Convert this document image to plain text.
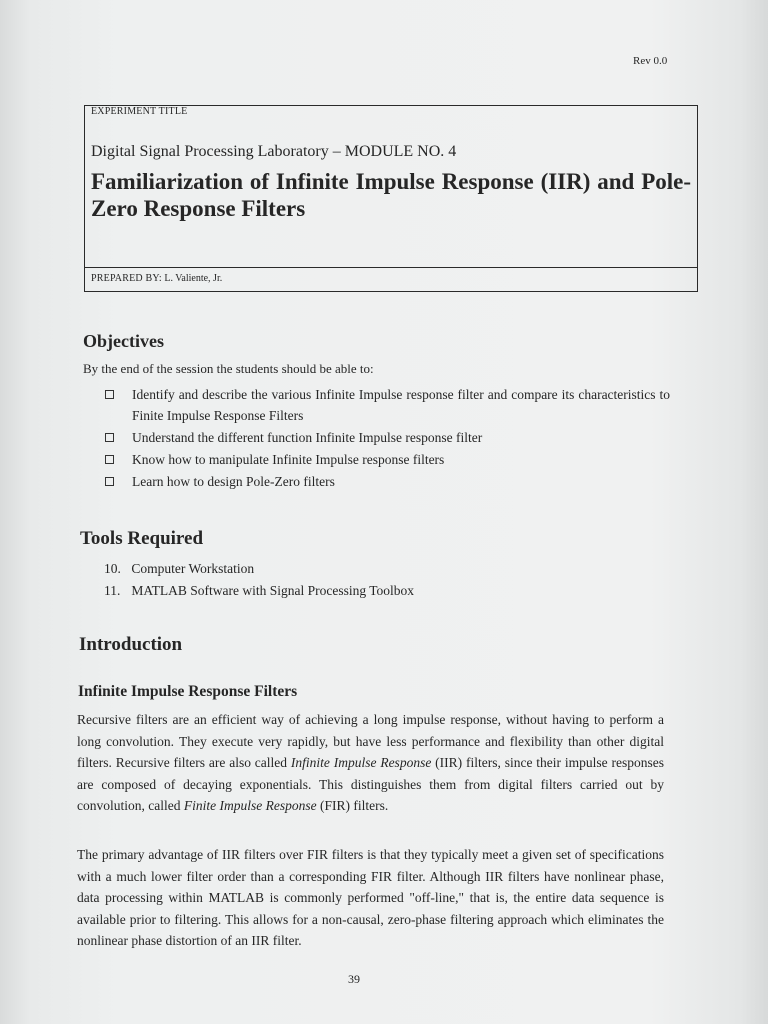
Rev 0.0
EXPERIMENT TITLE
Digital Signal Processing Laboratory – MODULE NO. 4
Familiarization of Infinite Impulse Response (IIR) and Pole-Zero Response Filters
PREPARED BY: L. Valiente, Jr.
Objectives
By the end of the session the students should be able to:
Identify and describe the various Infinite Impulse response filter and compare its characteristics to Finite Impulse Response Filters
Understand the different function Infinite Impulse response filter
Know how to manipulate Infinite Impulse response filters
Learn how to design Pole-Zero filters
Tools Required
10. Computer Workstation
11. MATLAB Software with Signal Processing Toolbox
Introduction
Infinite Impulse Response Filters

Recursive filters are an efficient way of achieving a long impulse response, without having to perform a long convolution. They execute very rapidly, but have less performance and flexibility than other digital filters. Recursive filters are also called Infinite Impulse Response (IIR) filters, since their impulse responses are composed of decaying exponentials. This distinguishes them from digital filters carried out by convolution, called Finite Impulse Response (FIR) filters.

The primary advantage of IIR filters over FIR filters is that they typically meet a given set of specifications with a much lower filter order than a corresponding FIR filter. Although IIR filters have nonlinear phase, data processing within MATLAB is commonly performed "off-line," that is, the entire data sequence is available prior to filtering. This allows for a non-causal, zero-phase filtering approach which eliminates the nonlinear phase distortion of an IIR filter.

39
